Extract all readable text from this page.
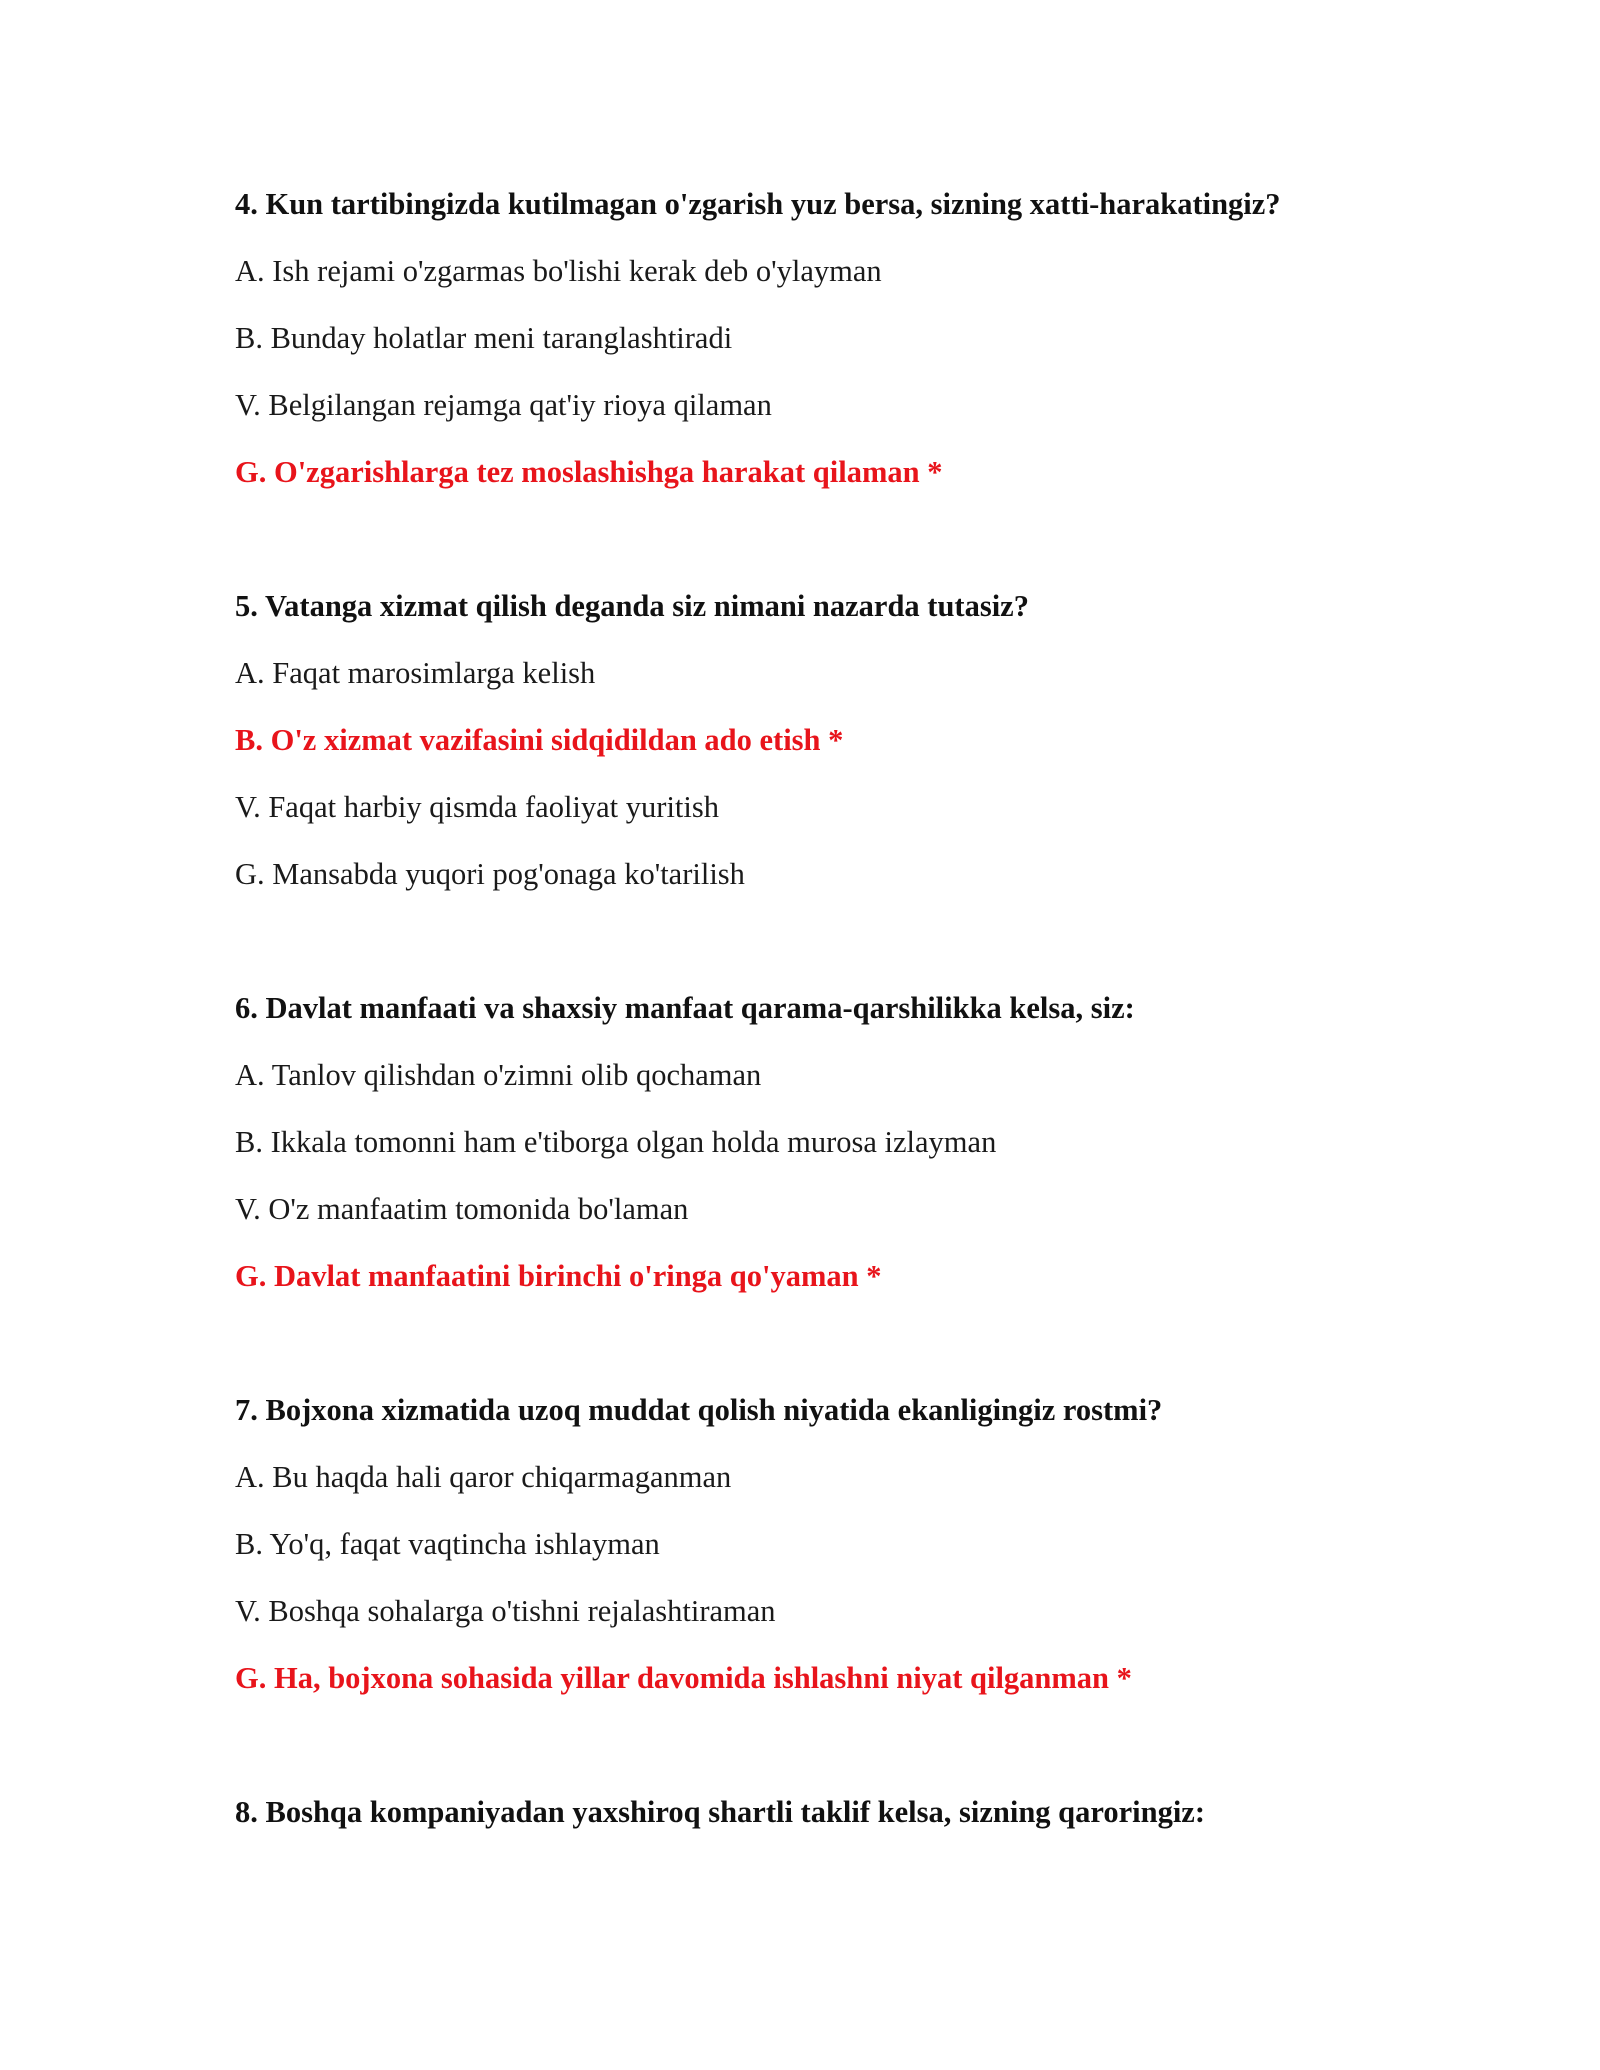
4. Kun tartibingizda kutilmagan o'zgarish yuz bersa, sizning xatti-harakatingiz?
A. Ish rejami o'zgarmas bo'lishi kerak deb o'ylayman
B. Bunday holatlar meni taranglashtiradi
V. Belgilangan rejamga qat'iy rioya qilaman
G. O'zgarishlarga tez moslashishga harakat qilaman *
5. Vatanga xizmat qilish deganda siz nimani nazarda tutasiz?
A. Faqat marosimlarga kelish
B. O'z xizmat vazifasini sidqidildan ado etish *
V. Faqat harbiy qismda faoliyat yuritish
G. Mansabda yuqori pog'onaga ko'tarilish
6. Davlat manfaati va shaxsiy manfaat qarama-qarshilikka kelsa, siz:
A. Tanlov qilishdan o'zimni olib qochaman
B. Ikkala tomonni ham e'tiborga olgan holda murosa izlayman
V. O'z manfaatim tomonida bo'laman
G. Davlat manfaatini birinchi o'ringa qo'yaman *
7. Bojxona xizmatida uzoq muddat qolish niyatida ekanligingiz rostmi?
A. Bu haqda hali qaror chiqarmaganman
B. Yo'q, faqat vaqtincha ishlayman
V. Boshqa sohalarga o'tishni rejalashtiraman
G. Ha, bojxona sohasida yillar davomida ishlashni niyat qilganman *
8. Boshqa kompaniyadan yaxshiroq shartli taklif kelsa, sizning qaroringiz:
